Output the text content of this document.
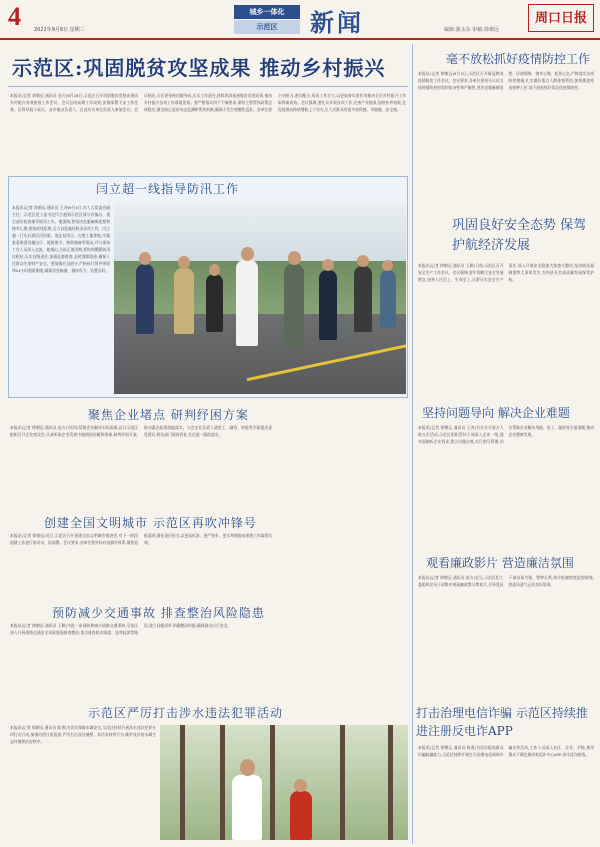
4	2021年9月8日 星期三
城乡一体化
示范区	新闻	编辑:蒲永东 审稿:徐朝远
周口日报
示范区:巩固脱贫攻坚成果 推动乡村振兴
本报讯(记者 徐朝远 通讯员 赵方)8月28日,示范区召开巩固脱贫攻坚成果同乡村振兴有效衔接工作会议。会议总结前期工作成效,安排部署下步工作任务。区领导班子成员、各乡镇办负责人、区直有关单位负责人参加会议。会议指出,全区要坚持问题导向,压实工作责任,持续巩固拓展脱贫攻坚成果,推动乡村振兴各项工作落地见效。要严格落实四个不摘要求,保持主要帮扶政策总体稳定,健全防止返贫动态监测和帮扶机制,确保不发生规模性返贫。各单位要主动担当,密切配合,形成工作合力,以更加务实的作风推动全区乡村振兴工作取得新成效。会议强调,要扎实开展各项工作,完善产业链条,加快补齐短板,在促进群众持续增收上下功夫,让人民群众有更多获得感、幸福感、安全感。
闫立超一线指导防汛工作
本报讯(记者 徐朝远 通讯员 王冲)9月4日,市人大常委会副主任、示范区党工委书记闫立超到示范区部分乡镇办、重点部位检查指导防汛工作。他强调,要坚决克服麻痹思想和侥幸心理,坚持底线思维,全力以赴做好防汛各项工作。闫立超一行先后到沿河沟渠、低洼易涝点、在建工地等地,实地查看排涝设施运行、值班值守、物资储备等情况,并与现场工作人员深入交流。他指出,当前正值汛期,要时刻绷紧防汛这根弦,压实各级责任,加强巡查排查,及时消除隐患,确保人民群众生命财产安全。要加强应急值守,严格执行领导带班和24小时值班制度,确保信息畅通、指挥有力、处置及时。
聚焦企业堵点 研判纾困方案
本报讯(记者 徐朝远 通讯员 赵方)为切实帮助企业解决实际困难,近日示范区组织召开企业座谈会,认真听取企业发展中遇到的问题和困难,研判纾困方案,推动惠企政策落地落实。与会企业负责人就用工、融资、审批等方面提出意见建议,相关部门现场答复,会后逐一跟踪落实。
创建全国文明城市 示范区再吹冲锋号
本报讯(记者 徐朝远)近日,示范区召开创建全国文明城市推进会,对下一阶段创建工作进行再动员、再部署。会议要求,各单位要对标对表测评体系,聚焦短板弱项,强化责任担当,以更高标准、更严要求、更实举措推动创建工作取得实效。
预防减少交通事故 排查整治风险隐患
本报讯(记者 徐朝远 通讯员 王颖)为进一步预防和减少道路交通事故,示范区深入开展道路交通安全风险隐患排查整治,重点排查临水临崖、急弯陡坡等路段,建立问题清单,明确整改时限,确保群众出行安全。
示范区严厉打击涉水违法犯罪活动
本报讯(记者 徐朝远 通讯员 陈勇)为切实保障水域安全,示范区持续开展涉水违法犯罪专项打击行动,加强河道日常巡查,严厉打击非法捕捞、非法采砂等行为,维护良好的水域生态环境和治安秩序。
毫不放松抓好疫情防控工作
本报讯(记者 徐朝远)9月3日,示范区召开新冠肺炎疫情防控工作会议。会议要求,各单位要充分认识当前疫情防控形势的复杂性和严峻性,坚决克服麻痹思想、厌战情绪、侥幸心理、松劲心态,严格落实各项防控措施,扎实做好重点人群排查管控,加快推进疫苗接种工作,毫不放松抓好常态化疫情防控。
巩固良好安全态势 保驾护航经济发展
本报讯(记者 徐朝远 通讯员 王颖)日前,示范区召开安全生产工作会议。会议强调,要牢固树立安全发展理念,坚持人民至上、生命至上,压紧压实安全生产责任,深入开展安全隐患大排查大整治,坚决防范遏制重特大事故发生,为经济社会高质量发展保驾护航。
坚持问题导向 解决企业难题
本报讯(记者 徐朝远 通讯员 王冲)为扎实开展万人助万企活动,示范区组织帮扶干部深入企业一线,面对面倾听企业诉求,建立问题台账,实行销号管理,切实帮助企业解决用地、用工、融资等方面难题,推动企业健康发展。
观看廉政影片 营造廉洁氛围
本报讯(记者 徐朝远 通讯员 赵方)近日,示范区纪工委组织党员干部集中观看廉政警示教育片,引导党员干部以案为鉴、警钟长鸣,筑牢拒腐防变思想防线,营造风清气正的良好氛围。
打击治理电信诈骗 示范区持续推进注册反电诈APP
本报讯(记者 徐朝远 通讯员 陈勇)为切实提高群众识骗防骗能力,示范区持续开展打击治理电信网络诈骗宣传活动,工作人员深入社区、企业、学校,指导群众下载注册国家反诈中心APP,筑牢反诈防线。
